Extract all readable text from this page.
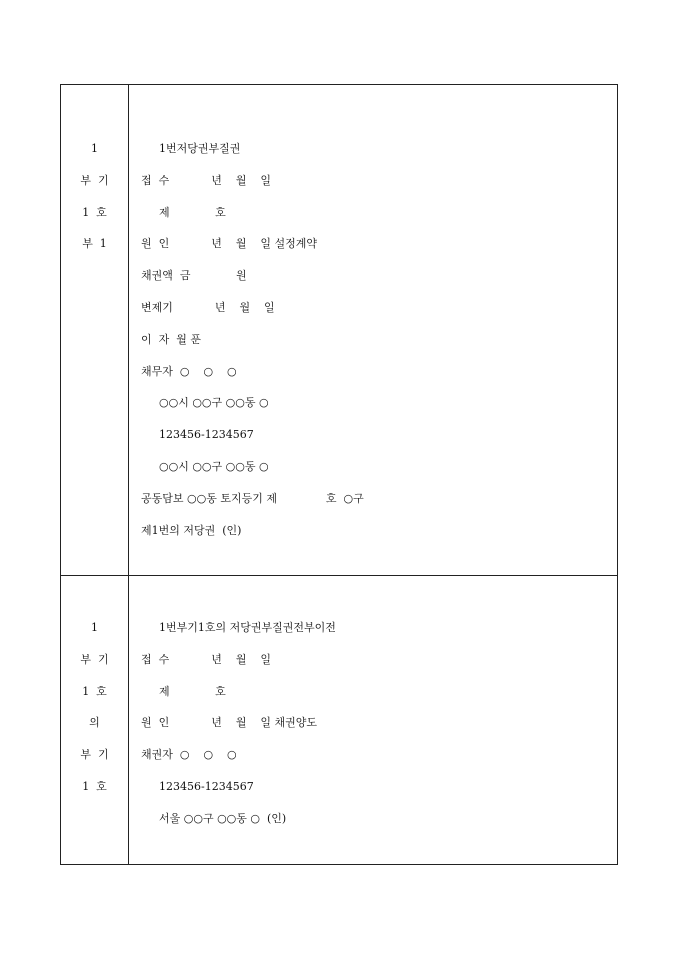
1
부  기
1  호
부  1
1번저당권부질권
접  수            년    월    일
제             호
원  인            년    월    일 설정계약
채권액  금             원
변제기            년    월    일
이  자  월 푼
채무자  ○    ○    ○
○○시 ○○구 ○○동 ○
123456-1234567
○○시 ○○구 ○○동 ○
공동담보 ○○동 토지등기 제              호  ○구
제1번의 저당권  (인)
1
부  기
1  호
의
부  기
1  호
1번부기1호의 저당권부질권전부이전
접  수            년    월    일
제             호
원  인            년    월    일 채권양도
채권자  ○    ○    ○
123456-1234567
서울 ○○구 ○○동 ○  (인)
